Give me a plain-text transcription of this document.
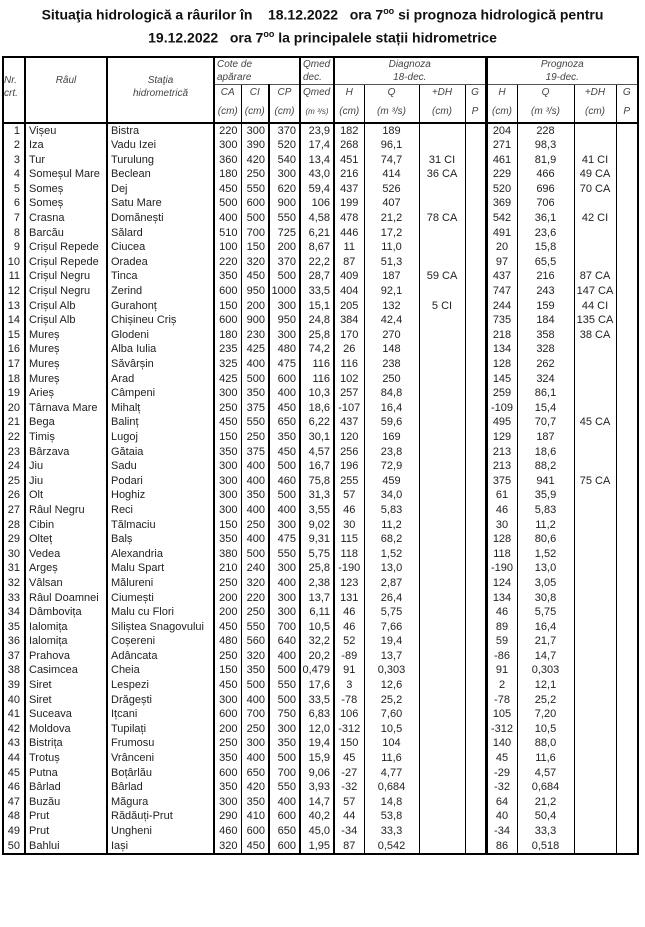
Situaţia hidrologică a râurilor în 18.12.2022 ora $7^{oo}$ si prognoza hidrologică pentru
19.12.2022 ora $7^{oo}$ la principalele stații hidrometrice
Nr.
crt.	Râul	Staţia
hidrometrică	Cote de			Qmed	Diagnoza				Prognoza			
			apărare			dec.	18-dec.				19-dec.			
			CA	CI	CP	Qmed	H	Q	+DH	G	H	Q	+DH	G
			(cm)	(cm)	(cm)	(m ³/s)	(cm)	(m ³/s)	(cm)	P	(cm)	(m ³/s)	(cm)	P
1	Vișeu	Bistra	220	300	370	23,9	182	189			204	228		
2	Iza	Vadu Izei	300	390	520	17,4	268	96,1			271	98,3		
3	Tur	Turulung	360	420	540	13,4	451	74,7	31 CI		461	81,9	41 CI	
4	Someșul Mare	Beclean	180	250	300	43,0	216	414	36 CA		229	466	49 CA	
5	Someș	Dej	450	550	620	59,4	437	526			520	696	70 CA	
6	Someș	Satu Mare	500	600	900	106	199	407			369	706		
7	Crasna	Domănești	400	500	550	4,58	478	21,2	78 CA		542	36,1	42 CI	
8	Barcău	Sălard	510	700	725	6,21	446	17,2			491	23,6		
9	Crișul Repede	Ciucea	100	150	200	8,67	11	11,0			20	15,8		
10	Crișul Repede	Oradea	220	320	370	22,2	87	51,3			97	65,5		
11	Crișul Negru	Tinca	350	450	500	28,7	409	187	59 CA		437	216	87 CA	
12	Crișul Negru	Zerind	600	950	1000	33,5	404	92,1			747	243	147 CA	
13	Crișul Alb	Gurahonț	150	200	300	15,1	205	132	5 CI		244	159	44 CI	
14	Crișul Alb	Chișineu Criș	600	900	950	24,8	384	42,4			735	184	135 CA	
15	Mureș	Glodeni	180	230	300	25,8	170	270			218	358	38 CA	
16	Mureș	Alba Iulia	235	425	480	74,2	26	148			134	328		
17	Mureș	Săvârșin	325	400	475	116	116	238			128	262		
18	Mureș	Arad	425	500	600	116	102	250			145	324		
19	Arieș	Câmpeni	300	350	400	10,3	257	84,8			259	86,1		
20	Târnava Mare	Mihalț	250	375	450	18,6	-107	16,4			-109	15,4		
21	Bega	Balinț	450	550	650	6,22	437	59,6			495	70,7	45 CA	
22	Timiș	Lugoj	150	250	350	30,1	120	169			129	187		
23	Bârzava	Gătaia	350	375	450	4,57	256	23,8			213	18,6		
24	Jiu	Sadu	300	400	500	16,7	196	72,9			213	88,2		
25	Jiu	Podari	300	400	460	75,8	255	459			375	941	75 CA	
26	Olt	Hoghiz	300	350	500	31,3	57	34,0			61	35,9		
27	Râul Negru	Reci	300	400	400	3,55	46	5,83			46	5,83		
28	Cibin	Tălmaciu	150	250	300	9,02	30	11,2			30	11,2		
29	Olteț	Balș	350	400	475	9,31	115	68,2			128	80,6		
30	Vedea	Alexandria	380	500	550	5,75	118	1,52			118	1,52		
31	Argeș	Malu Spart	210	240	300	25,8	-190	13,0			-190	13,0		
32	Vâlsan	Mălureni	250	320	400	2,38	123	2,87			124	3,05		
33	Râul Doamnei	Ciumești	200	220	300	13,7	131	26,4			134	30,8		
34	Dâmbovița	Malu cu Flori	200	250	300	6,11	46	5,75			46	5,75		
35	Ialomița	Siliștea Snagovului	450	550	700	10,5	46	7,66			89	16,4		
36	Ialomița	Coșereni	480	560	640	32,2	52	19,4			59	21,7		
37	Prahova	Adâncata	250	320	400	20,2	-89	13,7			-86	14,7		
38	Casimcea	Cheia	150	350	500	0,479	91	0,303			91	0,303		
39	Siret	Lespezi	450	500	550	17,6	3	12,6			2	12,1		
40	Siret	Drăgești	300	400	500	33,5	-78	25,2			-78	25,2		
41	Suceava	Ițcani	600	700	750	6,83	106	7,60			105	7,20		
42	Moldova	Tupilați	200	250	300	12,0	-312	10,5			-312	10,5		
43	Bistrița	Frumosu	250	300	350	19,4	150	104			140	88,0		
44	Trotuș	Vrânceni	350	400	500	15,9	45	11,6			45	11,6		
45	Putna	Boțârlău	600	650	700	9,06	-27	4,77			-29	4,57		
46	Bârlad	Bârlad	350	420	550	3,93	-32	0,684			-32	0,684		
47	Buzău	Măgura	300	350	400	14,7	57	14,8			64	21,2		
48	Prut	Rădăuți-Prut	290	410	600	40,2	44	53,8			40	50,4		
49	Prut	Ungheni	460	600	650	45,0	-34	33,3			-34	33,3		
50	Bahlui	Iași	320	450	600	1,95	87	0,542			86	0,518		
